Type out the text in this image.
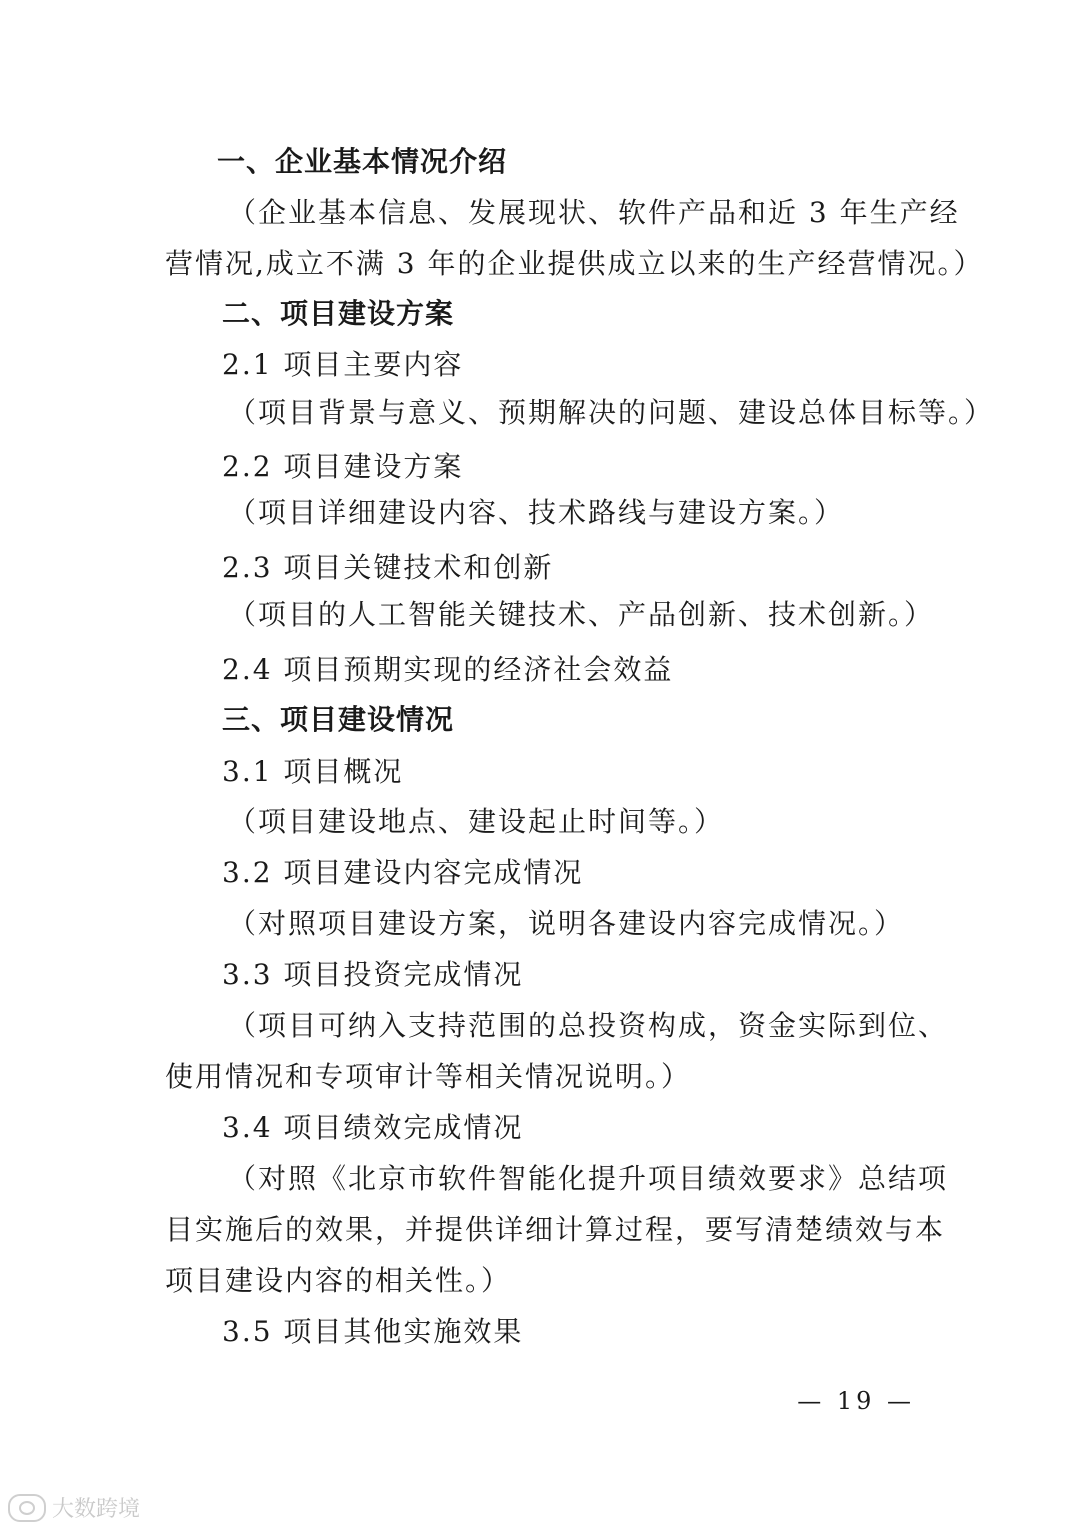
一、企业基本情况介绍
（企业基本信息、发展现状、软件产品和近 3 年生产经
营情况,成立不满 3 年的企业提供成立以来的生产经营情况。）
二、项目建设方案
2.1 项目主要内容
（项目背景与意义、预期解决的问题、建设总体目标等。）
2.2 项目建设方案
（项目详细建设内容、技术路线与建设方案。）
2.3 项目关键技术和创新
（项目的人工智能关键技术、产品创新、技术创新。）
2.4 项目预期实现的经济社会效益
三、项目建设情况
3.1 项目概况
（项目建设地点、建设起止时间等。）
3.2 项目建设内容完成情况
（对照项目建设方案，说明各建设内容完成情况。）
3.3 项目投资完成情况
（项目可纳入支持范围的总投资构成，资金实际到位、
使用情况和专项审计等相关情况说明。）
3.4 项目绩效完成情况
（对照《北京市软件智能化提升项目绩效要求》总结项
目实施后的效果，并提供详细计算过程，要写清楚绩效与本
项目建设内容的相关性。）
3.5 项目其他实施效果
— 19 —
大数跨境
